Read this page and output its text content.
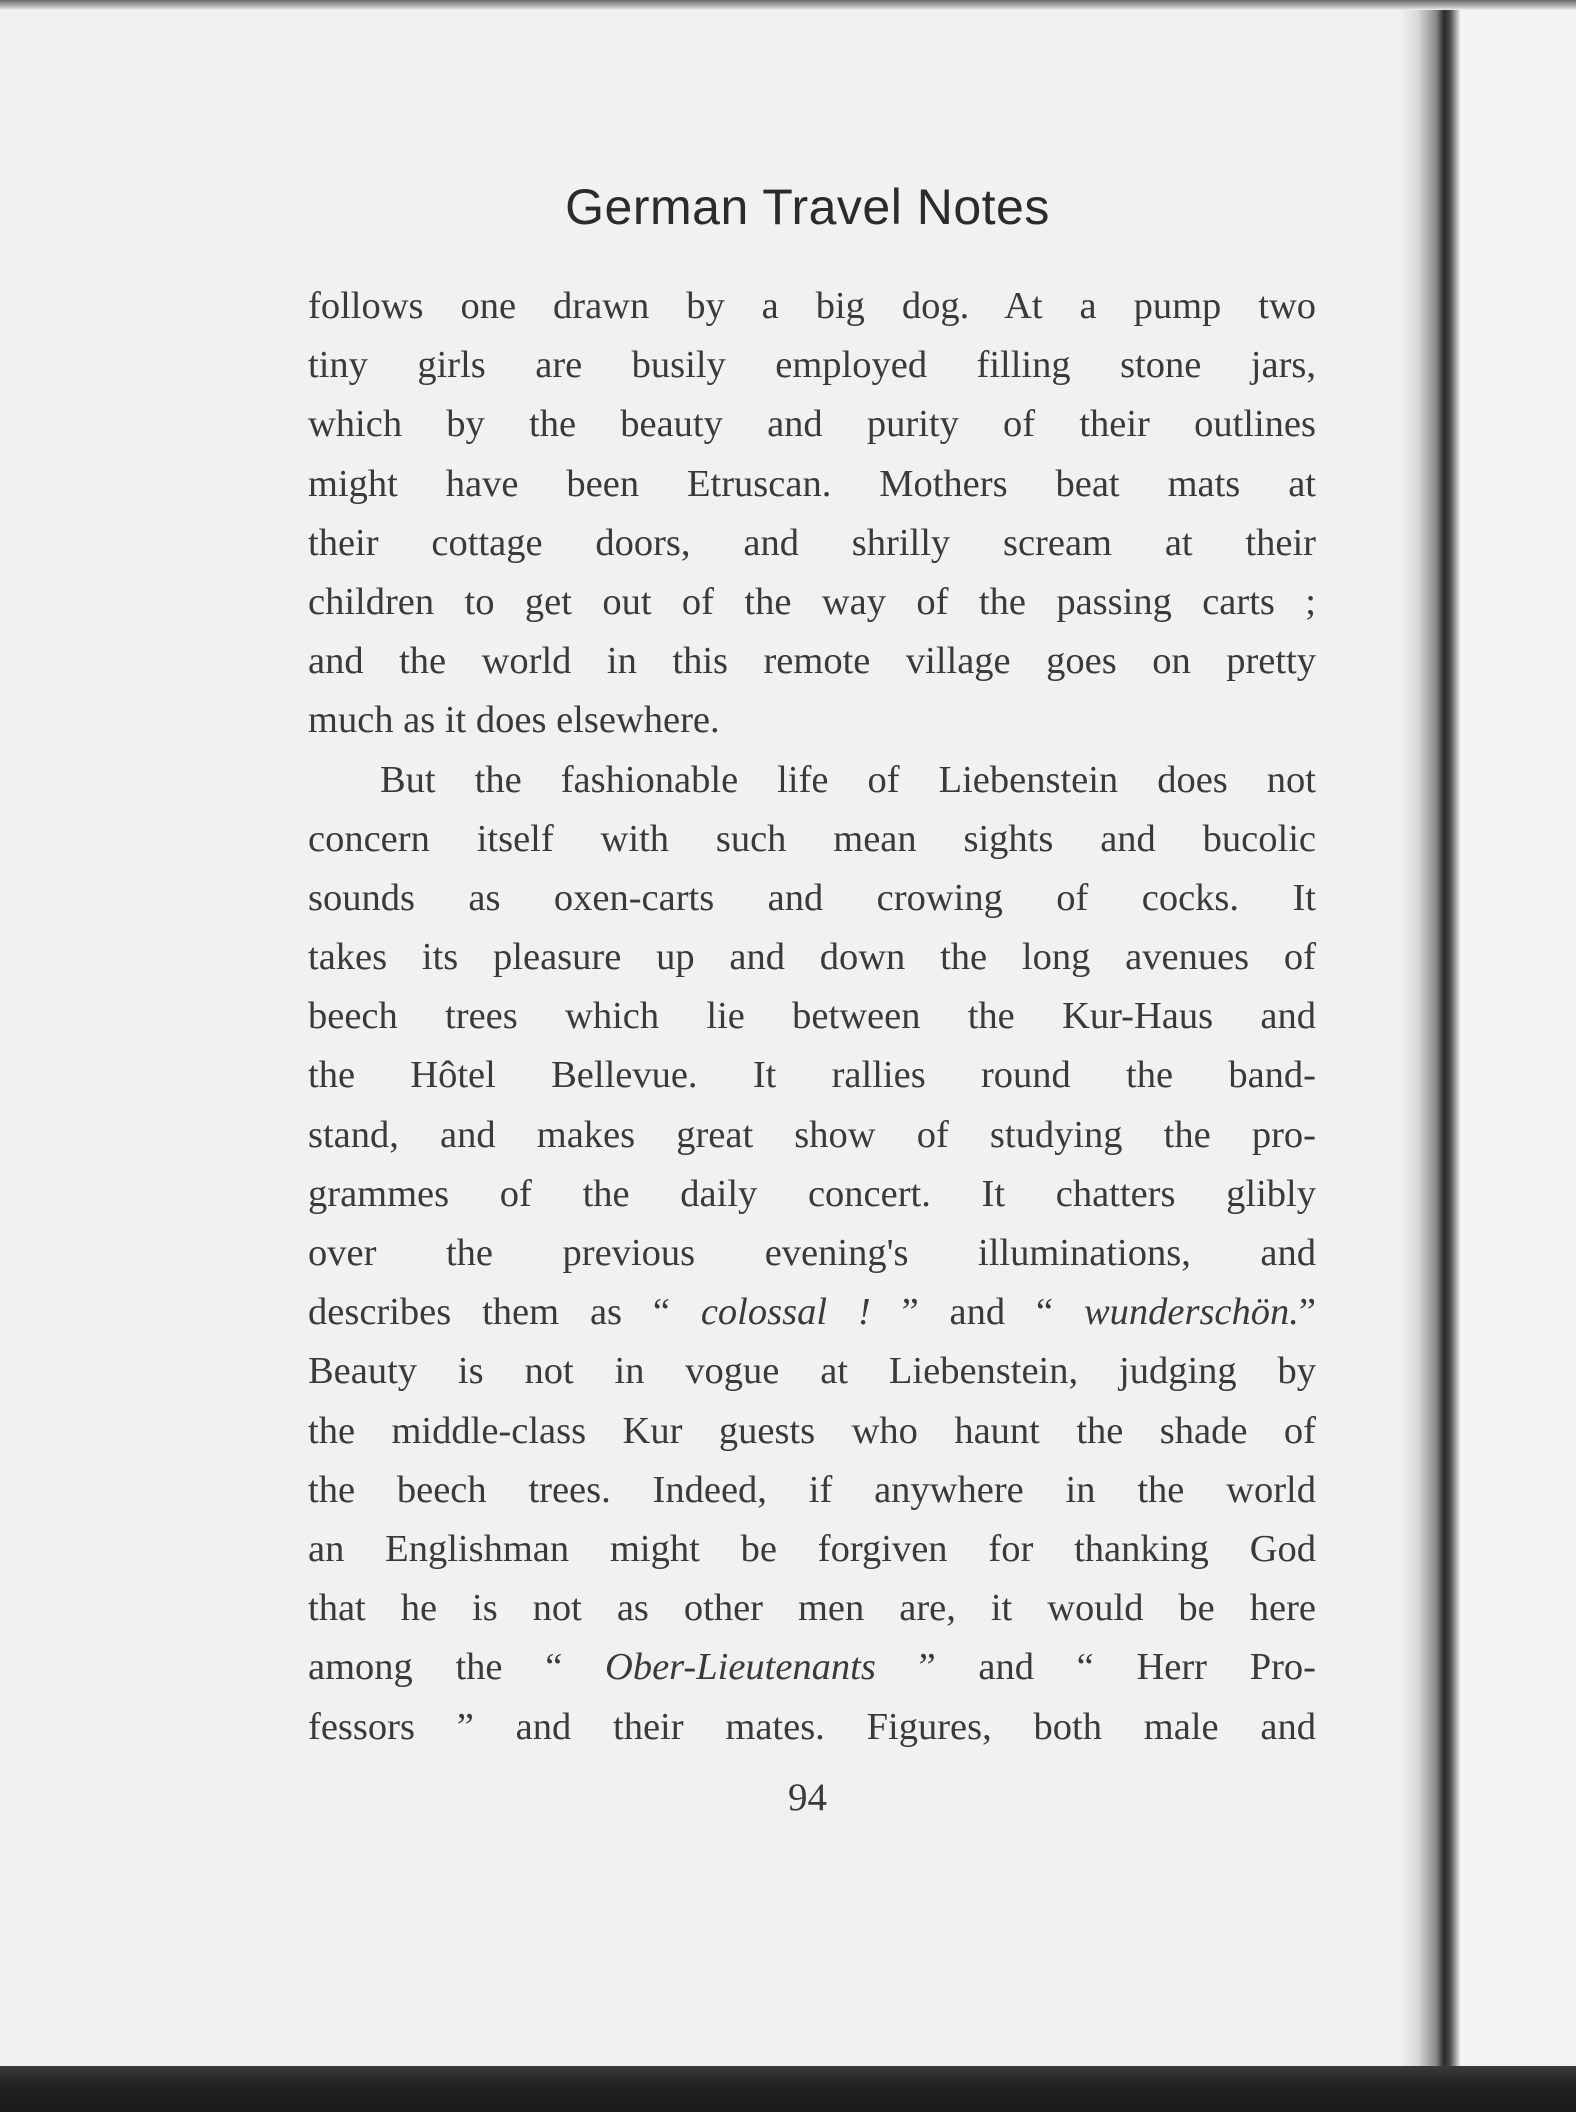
German Travel Notes
follows one drawn by a big dog. At a pump two
tiny girls are busily employed filling stone jars,
which by the beauty and purity of their outlines
might have been Etruscan. Mothers beat mats at
their cottage doors, and shrilly scream at their
children to get out of the way of the passing carts ;
and the world in this remote village goes on pretty
much as it does elsewhere.
But the fashionable life of Liebenstein does not
concern itself with such mean sights and bucolic
sounds as oxen-carts and crowing of cocks. It
takes its pleasure up and down the long avenues of
beech trees which lie between the Kur-Haus and
the Hôtel Bellevue. It rallies round the band-
stand, and makes great show of studying the pro-
grammes of the daily concert. It chatters glibly
over the previous evening's illuminations, and
describes them as “ colossal ! ” and “ wunderschön.”
Beauty is not in vogue at Liebenstein, judging by
the middle-class Kur guests who haunt the shade of
the beech trees. Indeed, if anywhere in the world
an Englishman might be forgiven for thanking God
that he is not as other men are, it would be here
among the “ Ober-Lieutenants ” and “ Herr Pro-
fessors ” and their mates. Figures, both male and
94
